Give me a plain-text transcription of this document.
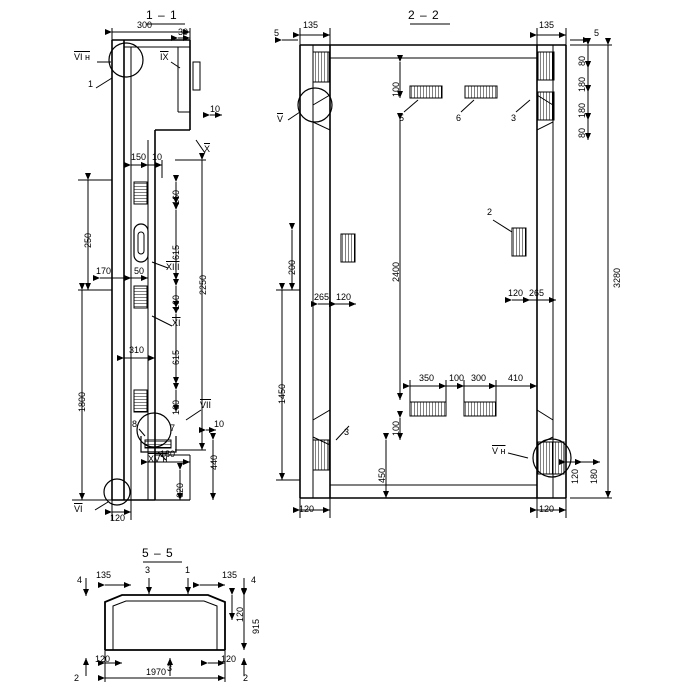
1 – 1	2 – 2
5 – 5
300
30
150 10
170	50
310
10
10
180
120
8	7
160
615
160
615
160
250
1800
2250
440
620
VI н
1
$\overline{IX}$
$\overline{X}$
XIII
$\overline{XI}$
$\overline{VII}$
XV н
$\overline{VI}$
135	135
5	5
80
180
180
80
265 120	120 265
350 100 300 410
120 180
120	120
100
200	2400
1450
100
450
3280
$\overline{V}$	5	6	3
2
3
V н
135	135
4	4
3	1
120	120
3
1970
2	2
120
915
